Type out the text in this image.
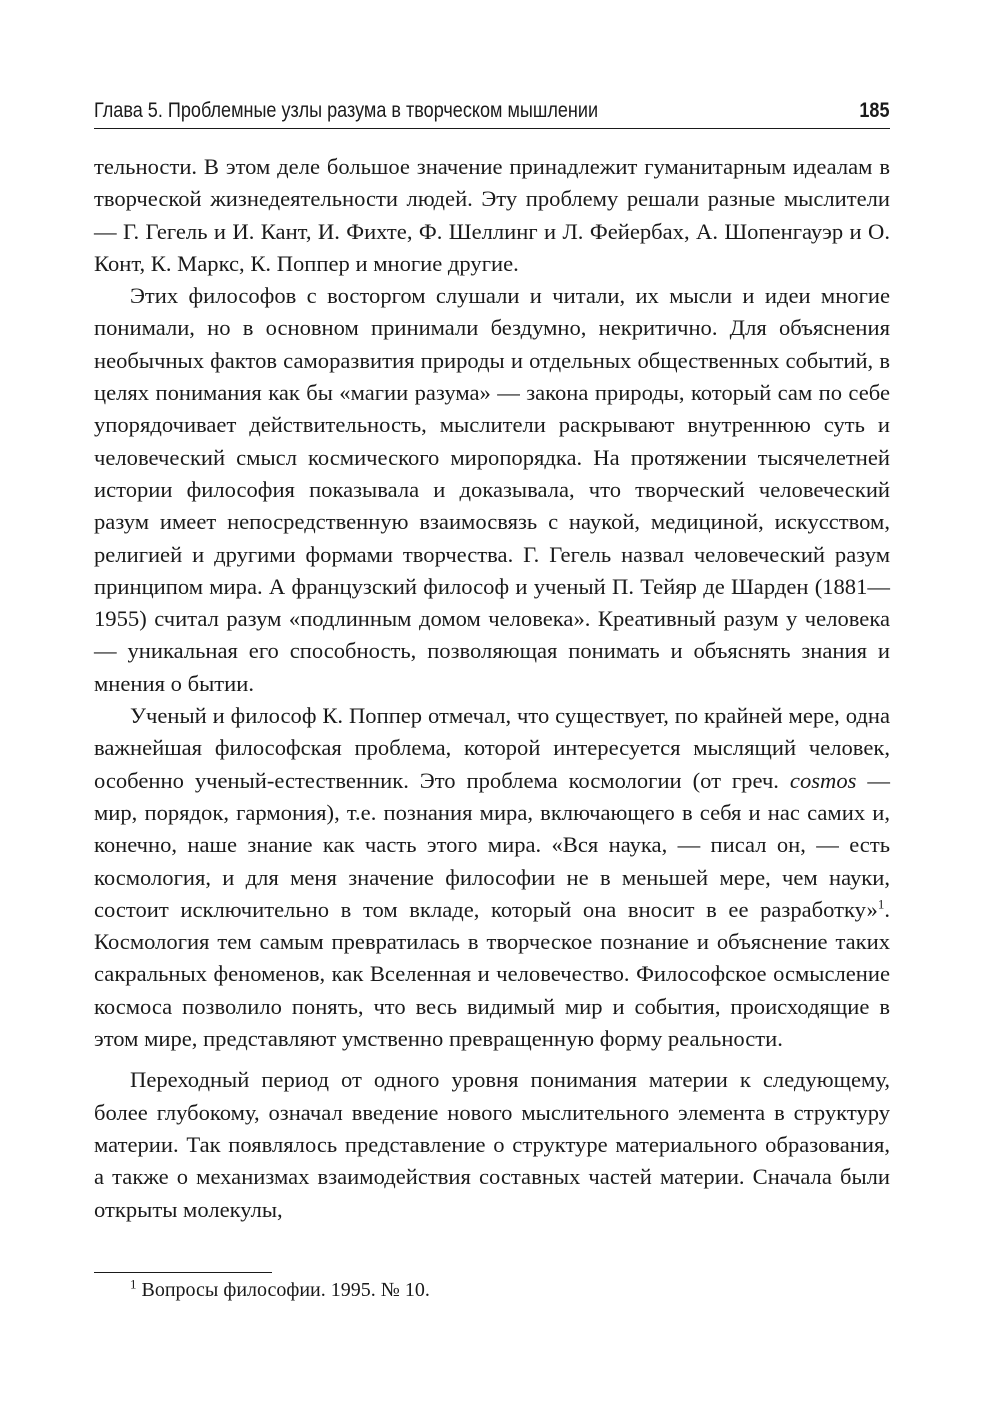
Глава 5. Проблемные узлы разума в творческом мышлении	185

тельности. В этом деле большое значение принадлежит гуманитарным идеалам в творческой жизнедеятельности людей. Эту проблему решали разные мыслители — Г. Гегель и И. Кант, И. Фихте, Ф. Шеллинг и Л. Фейербах, А. Шопенгауэр и О. Конт, К. Маркс, К. Поппер и многие другие.

Этих философов с восторгом слушали и читали, их мысли и идеи многие понимали, но в основном принимали бездумно, некритично. Для объяснения необычных фактов саморазвития природы и отдельных общественных событий, в целях понимания как бы «магии разума» — закона природы, который сам по себе упорядочивает действительность, мыслители раскрывают внутреннюю суть и человеческий смысл космического миропорядка. На протяжении тысячелетней истории философия показывала и доказывала, что творческий человеческий разум имеет непосредственную взаимосвязь с наукой, медициной, искусством, религией и другими формами творчества. Г. Гегель назвал человеческий разум принципом мира. А французский философ и ученый П. Тейяр де Шарден (1881—1955) считал разум «подлинным домом человека». Креативный разум у человека — уникальная его способность, позволяющая понимать и объяснять знания и мнения о бытии.

Ученый и философ К. Поппер отмечал, что существует, по крайней мере, одна важнейшая философская проблема, которой интересуется мыслящий человек, особенно ученый-естественник. Это проблема космологии (от греч. cosmos — мир, порядок, гармония), т.е. познания мира, включающего в себя и нас самих и, конечно, наше знание как часть этого мира. «Вся наука, — писал он, — есть космология, и для меня значение философии не в меньшей мере, чем науки, состоит исключительно в том вкладе, который она вносит в ее разработку»$^1$. Космология тем самым превратилась в творческое познание и объяснение таких сакральных феноменов, как Вселенная и человечество. Философское осмысление космоса позволило понять, что весь видимый мир и события, происходящие в этом мире, представляют умственно превращенную форму реальности.

Переходный период от одного уровня понимания материи к следующему, более глубокому, означал введение нового мыслительного элемента в структуру материи. Так появлялось представление о структуре материального образования, а также о механизмах взаимодействия составных частей материи. Сначала были открыты молекулы,

$^1$ Вопросы философии. 1995. № 10.
